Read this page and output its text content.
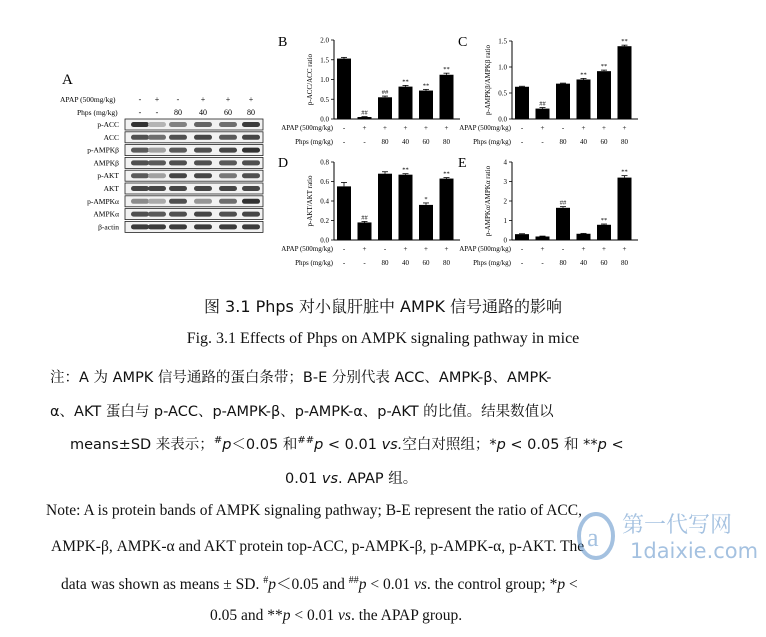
A
APAP (500mg/kg)
Phps (mg/kg)
-
-
+
-
-
80
+
40
+
60
+
80
p-ACC
ACC
p-AMPKβ
AMPKβ
p-AKT
AKT
p-AMPKα
AMPKα
β-actin
B
0.0
0.5
1.0
1.5
2.0
p-ACC/ACC ratio
-
-
##
+
-
##
+
80
**
+
40
**
+
60
**
+
80
APAP (500mg/kg)
Phps (mg/kg)
C
0.0
0.5
1.0
1.5
p-AMPKβ/AMPKβ ratio
-
-
##
+
-
-
80
**
+
40
**
+
60
**
+
80
APAP (500mg/kg)
Phps (mg/kg)
D
0.0
0.2
0.4
0.6
0.8
p-AKT/AKT ratio
-
-
##
+
-
-
80
**
+
40
*
+
60
**
+
80
APAP (500mg/kg)
Phps (mg/kg)
E
0
1
2
3
4
p-AMPKα/AMPKα ratio
-
-
+
-
##
-
80
+
40
**
+
60
**
+
80
APAP (500mg/kg)
Phps (mg/kg)
图 3.1 Phps 对小鼠肝脏中 AMPK 信号通路的影响
Fig. 3.1 Effects of Phps on AMPK signaling pathway in mice
注：A 为 AMPK 信号通路的蛋白条带；B-E 分别代表 ACC、AMPK-β、AMPK-
α、AKT 蛋白与 p-ACC、p-AMPK-β、p-AMPK-α、p-AKT 的比值。结果数值以
means±SD 来表示；#p＜0.05 和##p < 0.01 vs.空白对照组；*p < 0.05 和 **p <
0.01 vs. APAP 组。
Note: A is protein bands of AMPK signaling pathway; B-E represent the ratio of ACC,
AMPK-β, AMPK-α and AKT protein top-ACC, p-AMPK-β, p-AMPK-α, p-AKT. The
data was shown as means ± SD. #p＜0.05 and ##p < 0.01 vs. the control group; *p <
0.05 and **p < 0.01 vs. the APAP group.
a 第一代写网
1daixie.com
